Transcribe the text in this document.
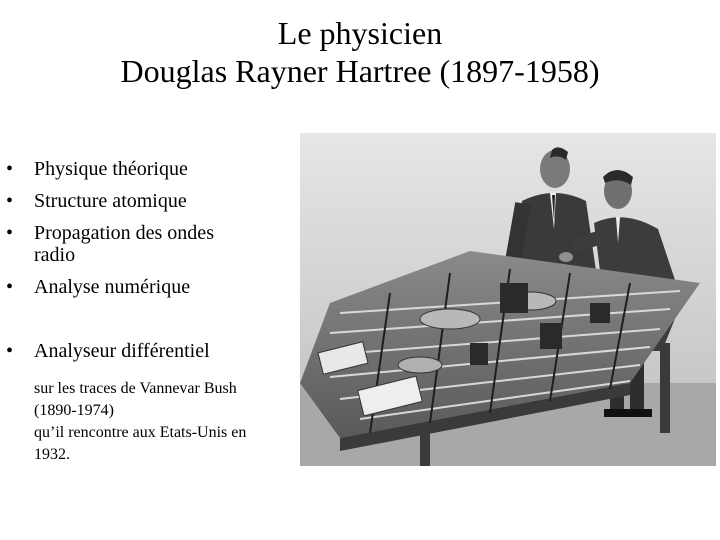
Le physicien
Douglas Rayner Hartree (1897-1958)
•	Physique théorique
•	Structure atomique
•	Propagation des ondes
radio
•	Analyse numérique
•	Analyseur différentiel
sur les traces de Vannevar Bush
(1890-1974)
qu’il rencontre aux Etats-Unis en
1932.
